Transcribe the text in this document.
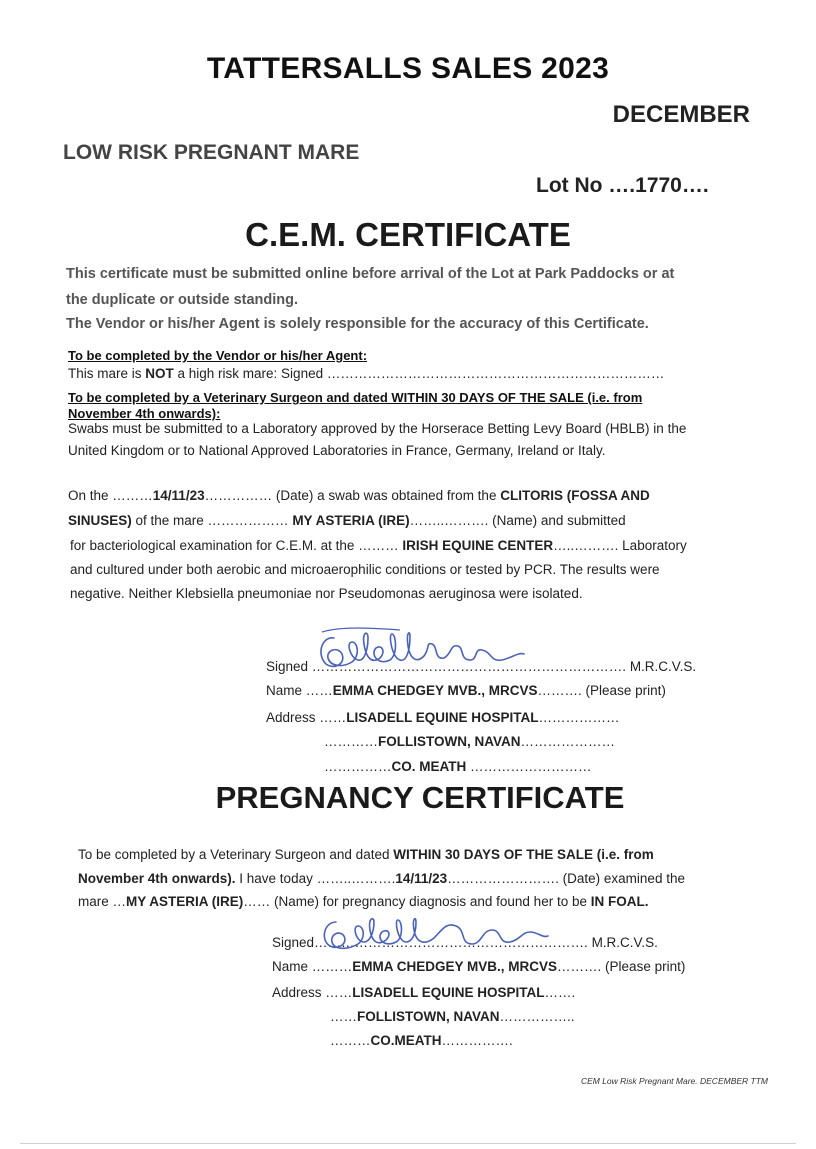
TATTERSALLS SALES 2023
DECEMBER
LOW RISK PREGNANT MARE
Lot No ….1770….
C.E.M. CERTIFICATE
This certificate must be submitted online before arrival of the Lot at Park Paddocks or at
the duplicate or outside standing.
The Vendor or his/her Agent is solely responsible for the accuracy of this Certificate.
To be completed by the Vendor or his/her Agent:
This mare is NOT a high risk mare: Signed …………………………………………………………………
To be completed by a Veterinary Surgeon and dated WITHIN 30 DAYS OF THE SALE (i.e. from
November 4th onwards):
Swabs must be submitted to a Laboratory approved by the Horserace Betting Levy Board (HBLB) in the
United Kingdom or to National Approved Laboratories in France, Germany, Ireland or Italy.
On the ………14/11/23…………… (Date) a swab was obtained from the CLITORIS (FOSSA AND
SINUSES) of the mare ……………… MY ASTERIA (IRE)……..………. (Name) and submitted
for bacteriological examination for C.E.M. at the ……… IRISH EQUINE CENTER…..………. Laboratory
and cultured under both aerobic and microaerophilic conditions or tested by PCR. The results were
negative. Neither Klebsiella pneumoniae nor Pseudomonas aeruginosa were isolated.
Signed ……………………………………………………………. M.R.C.V.S.
Name ……EMMA CHEDGEY MVB., MRCVS………. (Please print)
Address ……LISADELL EQUINE HOSPITAL………………
…………FOLLISTOWN, NAVAN…………………
……………CO. MEATH ………………………
PREGNANCY CERTIFICATE
To be completed by a Veterinary Surgeon and dated WITHIN 30 DAYS OF THE SALE (i.e. from
November 4th onwards). I have today ……..……….14/11/23……………………. (Date) examined the
mare …MY ASTERIA (IRE)…… (Name) for pregnancy diagnosis and found her to be IN FOAL.
Signed……………………………………………………. M.R.C.V.S.
Name ………EMMA CHEDGEY MVB., MRCVS………. (Please print)
Address ……LISADELL EQUINE HOSPITAL…….
……FOLLISTOWN, NAVAN……………..
………CO.MEATH…………….
CEM Low Risk Pregnant Mare. DECEMBER TTM
